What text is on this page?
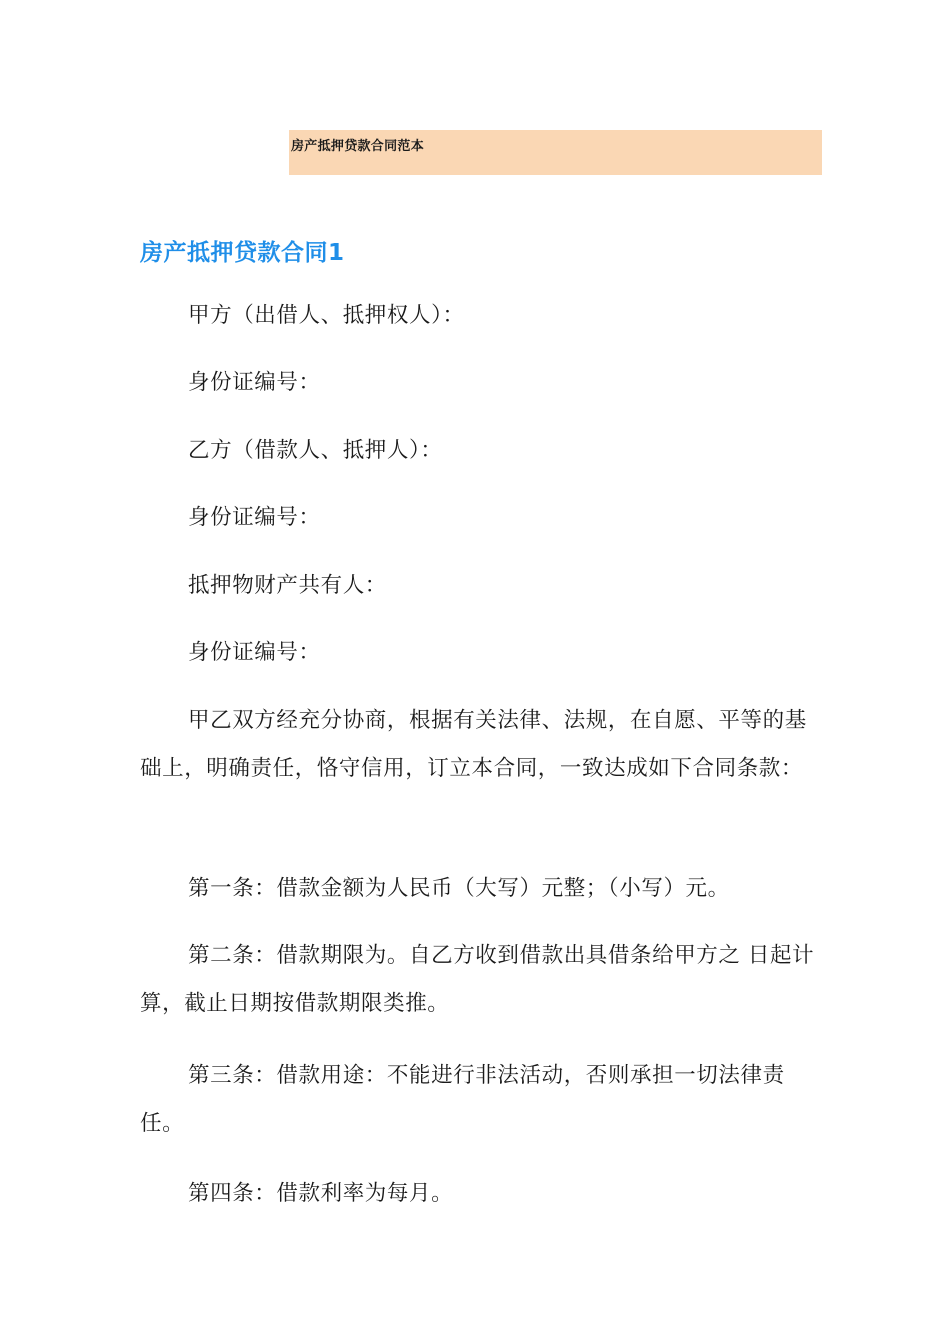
房产抵押贷款合同范本
房产抵押贷款合同1

甲方（出借人、抵押权人）：

身份证编号：

乙方（借款人、抵押人）：

身份证编号：

抵押物财产共有人：

身份证编号：

甲乙双方经充分协商，根据有关法律、法规，在自愿、平等的基础上，明确责任，恪守信用，订立本合同，一致达成如下合同条款：

第一条：借款金额为人民币（大写）元整；（小写）元。

第二条：借款期限为。自乙方收到借款出具借条给甲方之 日起计算，截止日期按借款期限类推。

第三条：借款用途：不能进行非法活动，否则承担一切法律责任。

第四条：借款利率为每月。
